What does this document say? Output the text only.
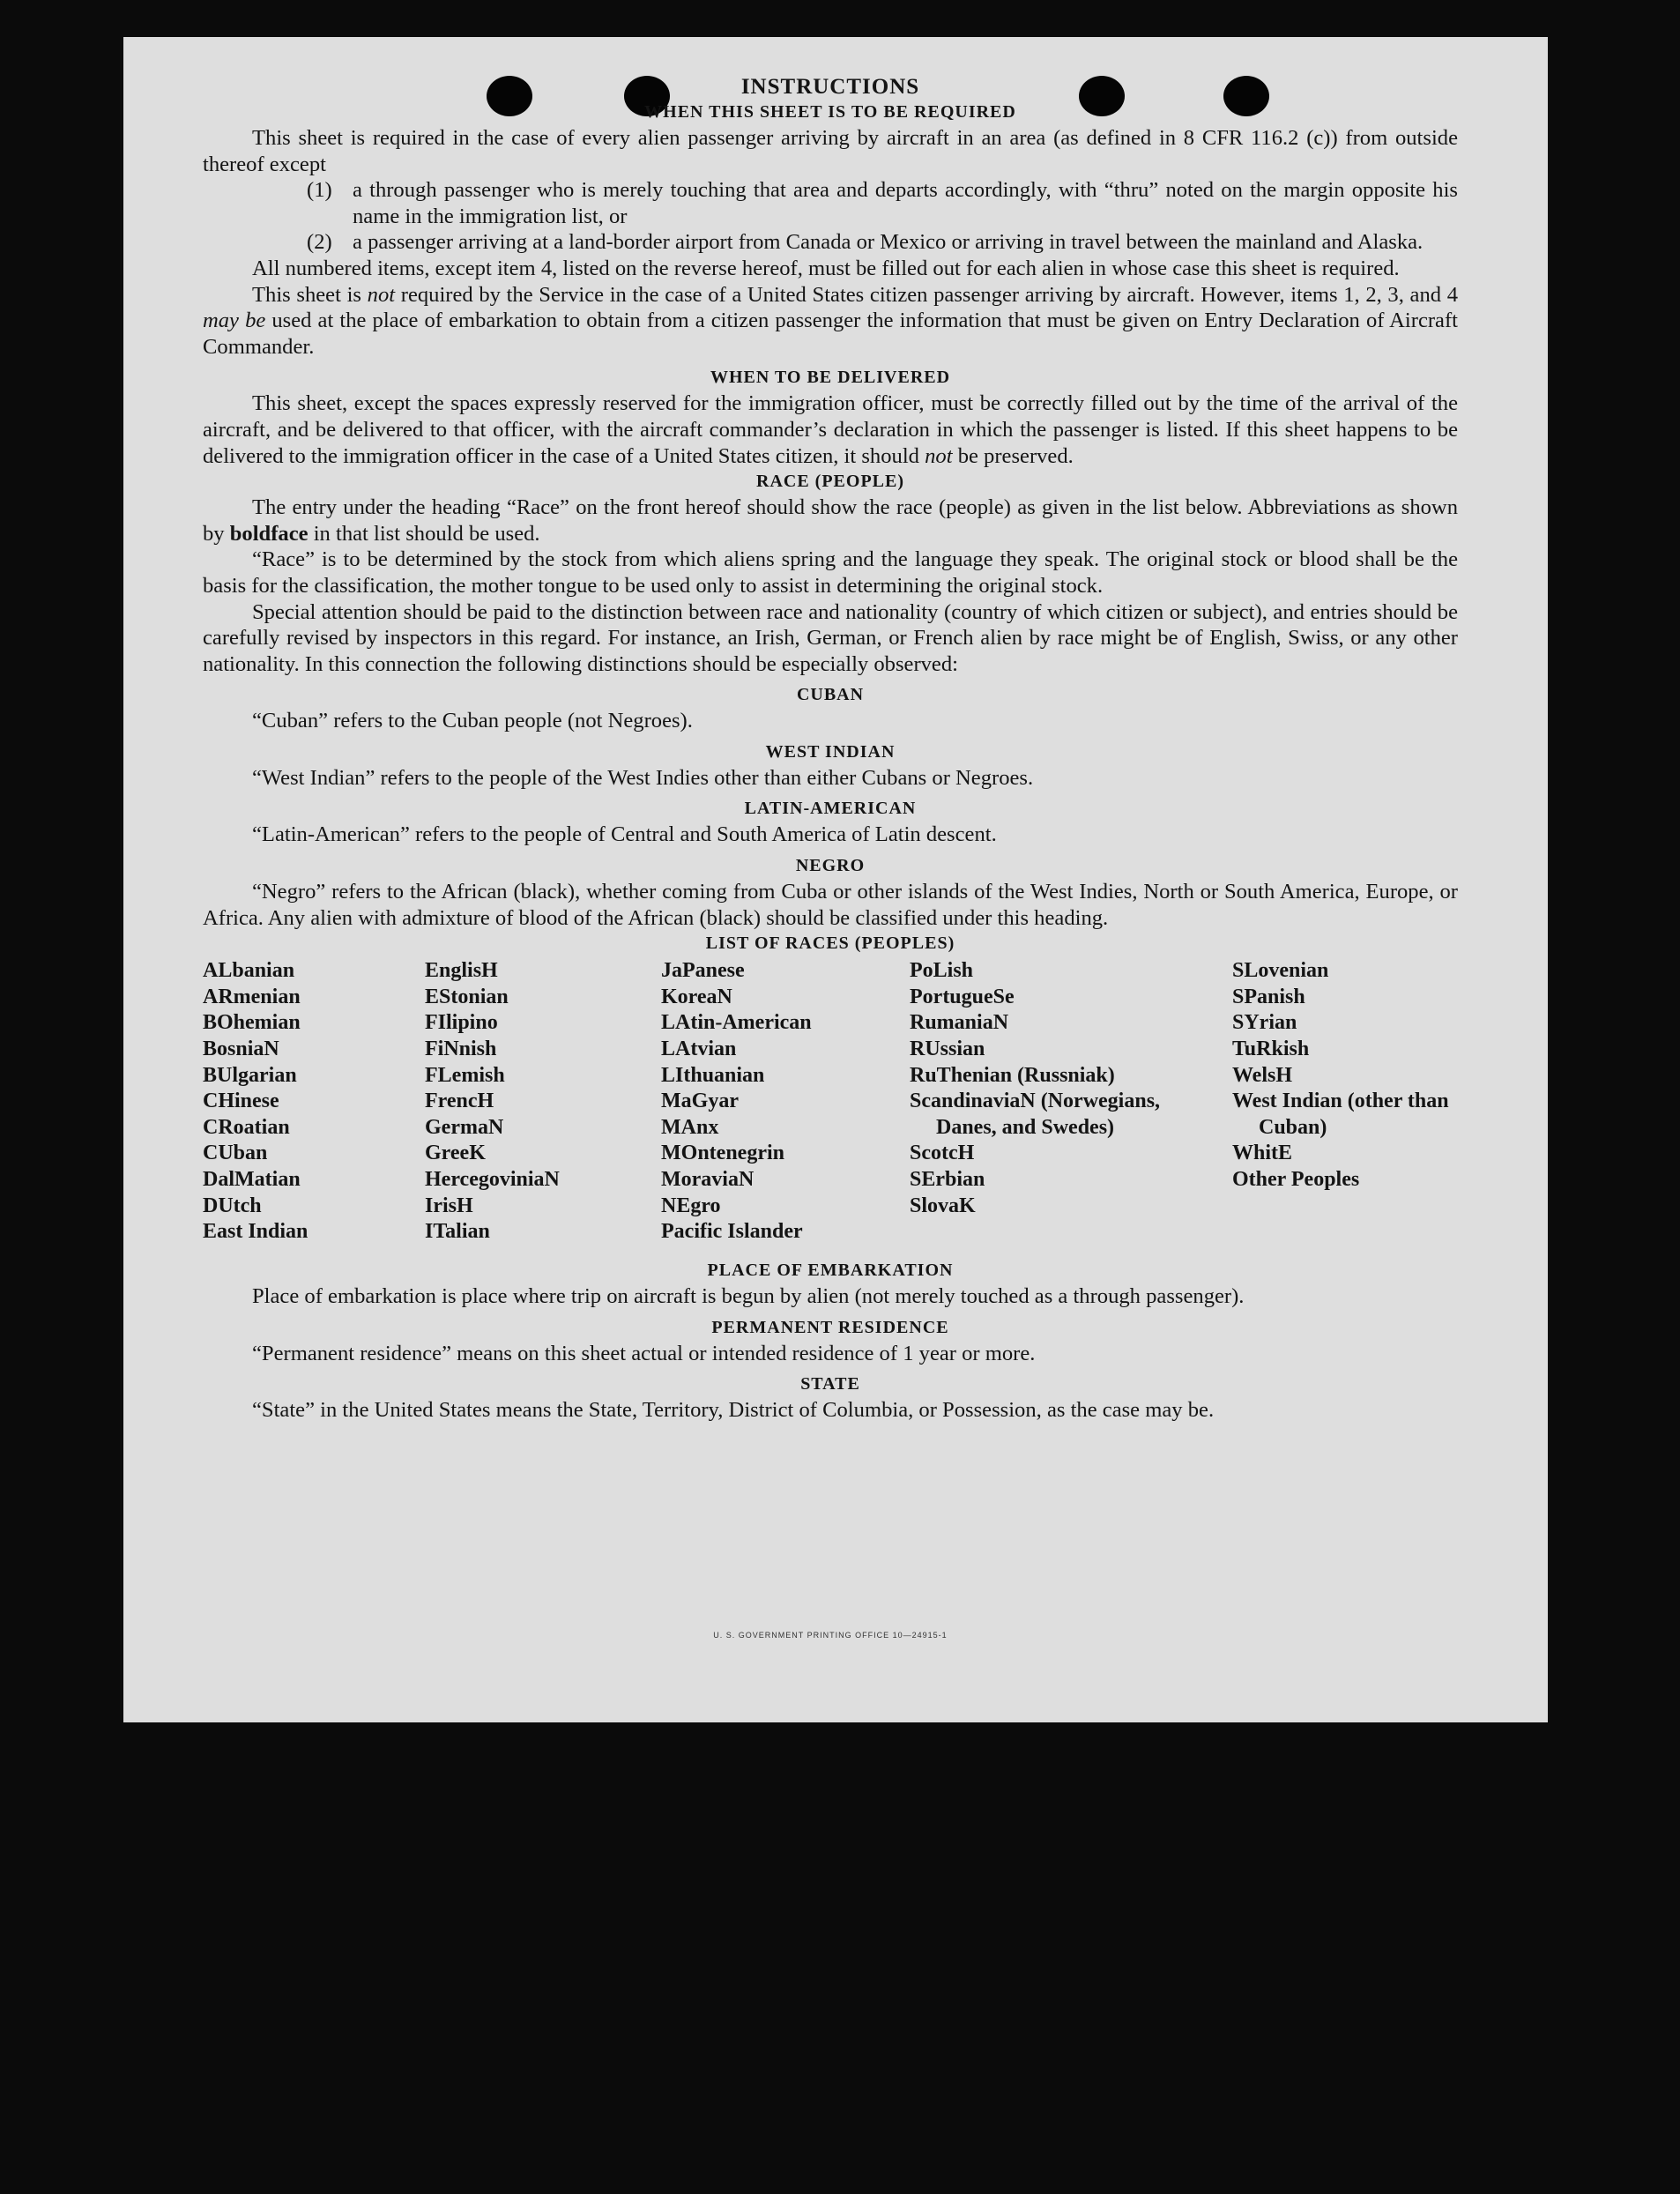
INSTRUCTIONS
WHEN THIS SHEET IS TO BE REQUIRED

This sheet is required in the case of every alien passenger arriving by aircraft in an area (as defined in 8 CFR 116.2 (c)) from outside thereof except

(1) a through passenger who is merely touching that area and departs accordingly, with “thru” noted on the margin opposite his name in the immigration list, or
(2) a passenger arriving at a land-border airport from Canada or Mexico or arriving in travel between the mainland and Alaska.

All numbered items, except item 4, listed on the reverse hereof, must be filled out for each alien in whose case this sheet is required.

This sheet is not required by the Service in the case of a United States citizen passenger arriving by aircraft. However, items 1, 2, 3, and 4 may be used at the place of embarkation to obtain from a citizen passenger the information that must be given on Entry Declaration of Aircraft Commander.

WHEN TO BE DELIVERED

This sheet, except the spaces expressly reserved for the immigration officer, must be correctly filled out by the time of the arrival of the aircraft, and be delivered to that officer, with the aircraft commander’s declaration in which the passenger is listed. If this sheet happens to be delivered to the immigration officer in the case of a United States citizen, it should not be preserved.

RACE (PEOPLE)

The entry under the heading “Race” on the front hereof should show the race (people) as given in the list below. Abbreviations as shown by boldface in that list should be used.

“Race” is to be determined by the stock from which aliens spring and the language they speak. The original stock or blood shall be the basis for the classification, the mother tongue to be used only to assist in determining the original stock.

Special attention should be paid to the distinction between race and nationality (country of which citizen or subject), and entries should be carefully revised by inspectors in this regard. For instance, an Irish, German, or French alien by race might be of English, Swiss, or any other nationality. In this connection the following distinctions should be especially observed:

CUBAN

“Cuban” refers to the Cuban people (not Negroes).

WEST INDIAN

“West Indian” refers to the people of the West Indies other than either Cubans or Negroes.

LATIN-AMERICAN

“Latin-American” refers to the people of Central and South America of Latin descent.

NEGRO

“Negro” refers to the African (black), whether coming from Cuba or other islands of the West Indies, North or South America, Europe, or Africa. Any alien with admixture of blood of the African (black) should be classified under this heading.

LIST OF RACES (PEOPLES)
ALbanian
ARmenian
BOhemian
BosniaN
BUlgarian
CHinese
CRoatian
CUban
DalMatian
DUtch
East Indian
EnglisH
EStonian
FIlipino
FiNnish
FLemish
FrencH
GermaN
GreeK
HercegoviniaN
IrisH
ITalian
JaPanese
KoreaN
LAtin-American
LAtvian
LIthuanian
MaGyar
MAnx
MOntenegrin
MoraviaN
NEgro
Pacific Islander
PoLish
PortugueSe
RumaniaN
RUssian
RuThenian (Russniak)
ScandinaviaN (Norwegians, Danes, and Swedes)
ScotcH
SErbian
SlovaK
SLovenian
SPanish
SYrian
TuRkish
WelsH
West Indian (other than Cuban)
WhitE
Other Peoples
PLACE OF EMBARKATION

Place of embarkation is place where trip on aircraft is begun by alien (not merely touched as a through passenger).

PERMANENT RESIDENCE

“Permanent residence” means on this sheet actual or intended residence of 1 year or more.

STATE

“State” in the United States means the State, Territory, District of Columbia, or Possession, as the case may be.

U. S. GOVERNMENT PRINTING OFFICE 10—24915-1
